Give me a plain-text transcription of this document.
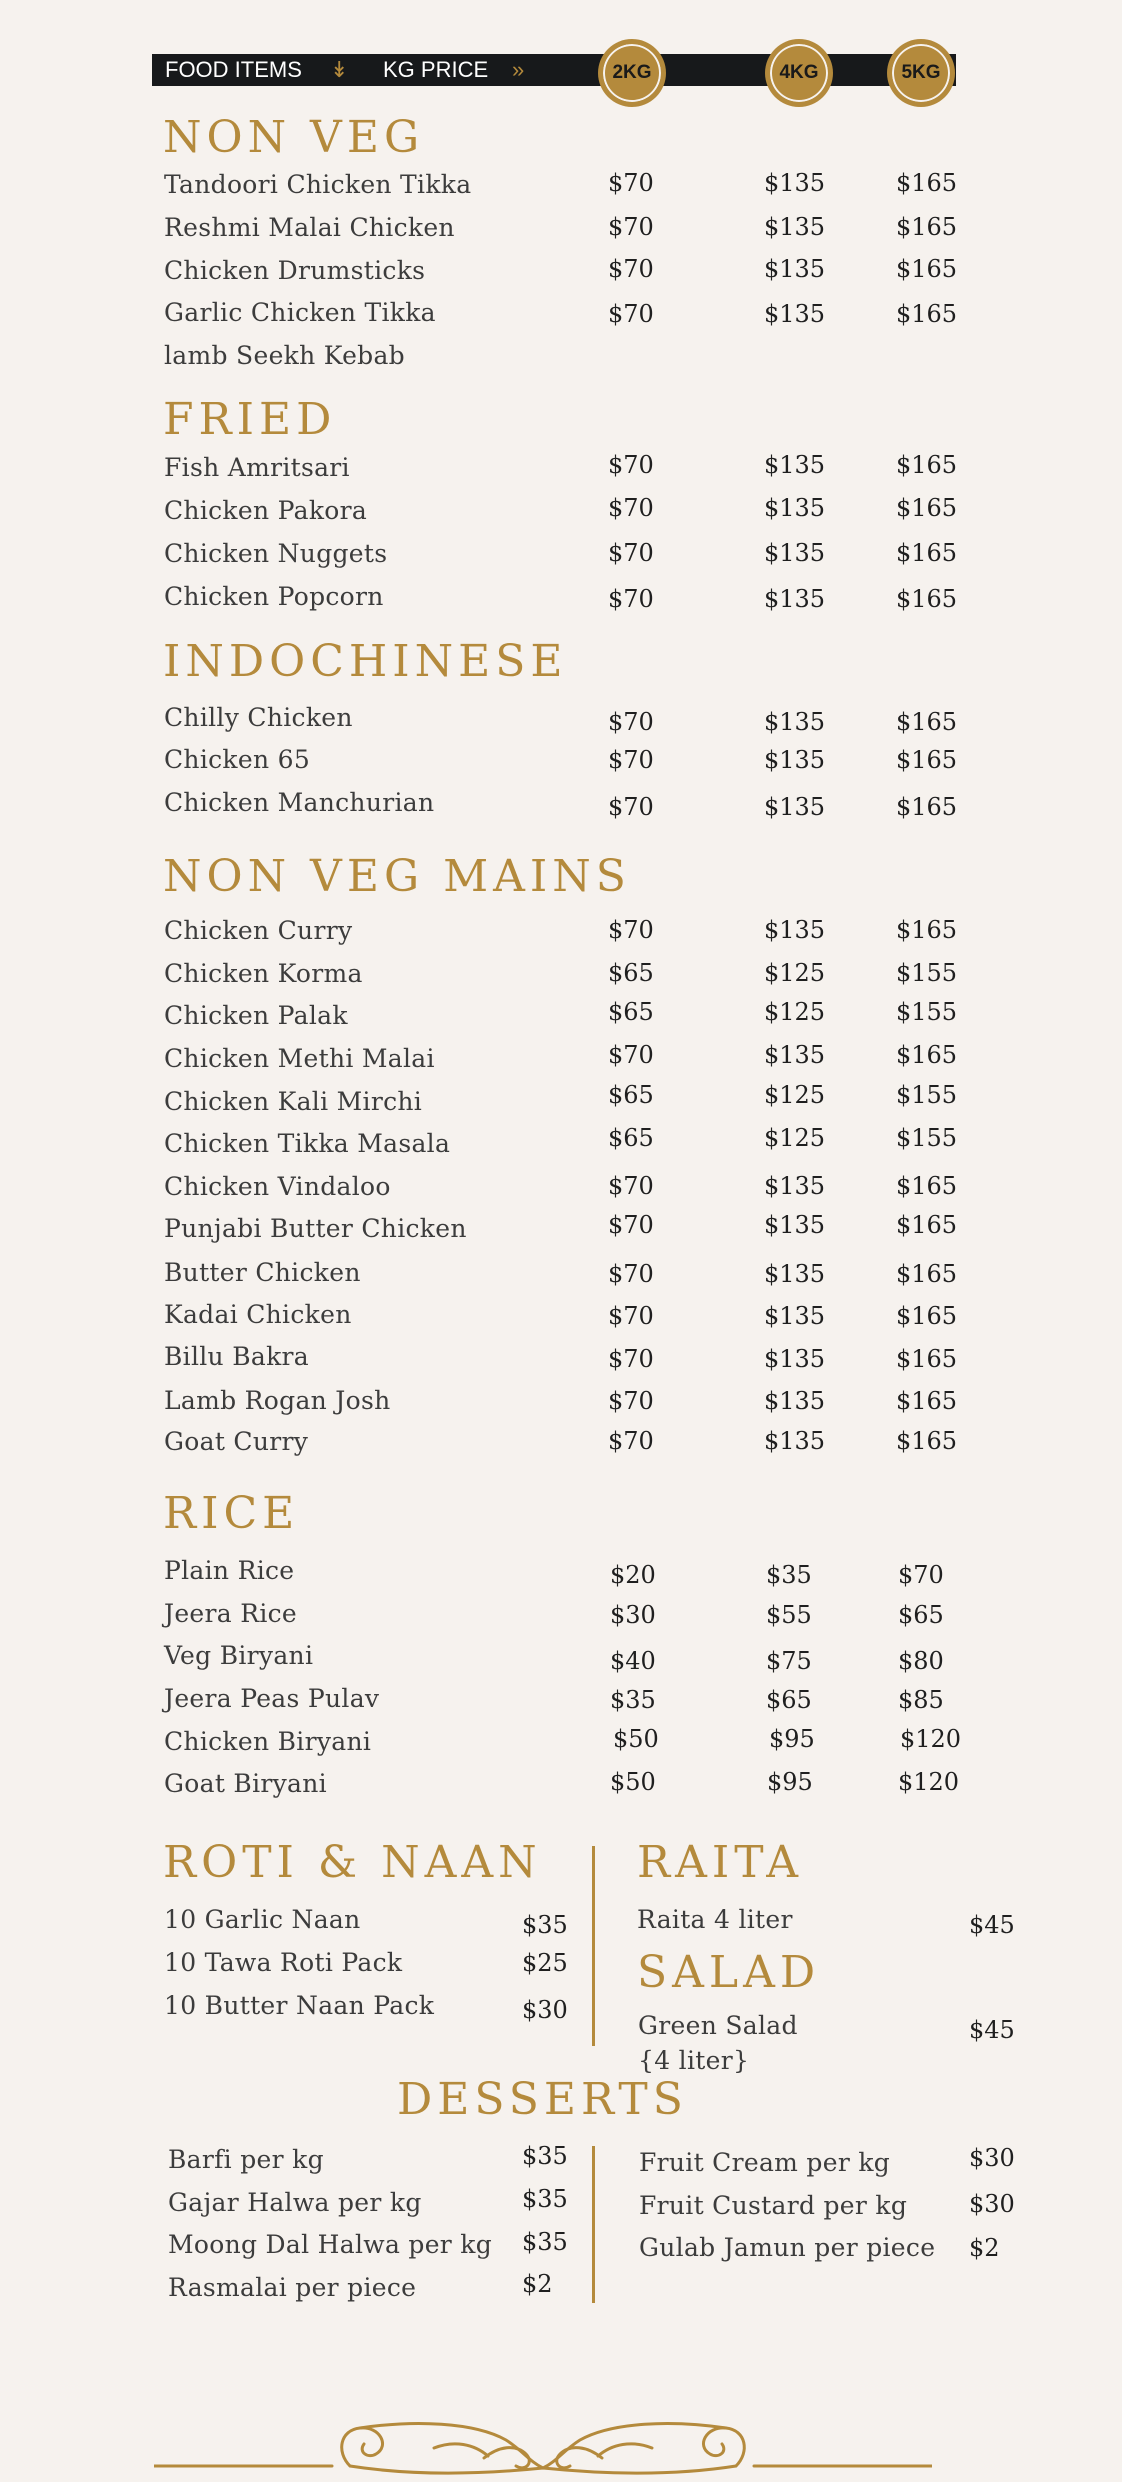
FOOD ITEMS ↡ KG PRICE »	2KG	4KG	5KG
NON VEG
Tandoori Chicken Tikka	$70	$135	$165
Reshmi Malai Chicken	$70	$135	$165
Chicken Drumsticks	$70	$135	$165
Garlic Chicken Tikka	$70	$135	$165
lamb Seekh Kebab
FRIED
Fish Amritsari	$70	$135	$165
Chicken Pakora	$70	$135	$165
Chicken Nuggets	$70	$135	$165
Chicken Popcorn	$70	$135	$165
INDOCHINESE
Chilly Chicken	$70	$135	$165
Chicken 65	$70	$135	$165
Chicken Manchurian	$70	$135	$165
NON VEG MAINS
Chicken Curry	$70	$135	$165
Chicken Korma	$65	$125	$155
Chicken Palak	$65	$125	$155
Chicken Methi Malai	$70	$135	$165
Chicken Kali Mirchi	$65	$125	$155
Chicken Tikka Masala	$65	$125	$155
Chicken Vindaloo	$70	$135	$165
Punjabi Butter Chicken	$70	$135	$165
Butter Chicken	$70	$135	$165
Kadai Chicken	$70	$135	$165
Billu Bakra	$70	$135	$165
Lamb Rogan Josh	$70	$135	$165
Goat Curry	$70	$135	$165
RICE
Plain Rice	$20	$35	$70
Jeera Rice	$30	$55	$65
Veg Biryani	$40	$75	$80
Jeera Peas Pulav	$35	$65	$85
Chicken Biryani	$50	$95	$120
Goat Biryani	$50	$95	$120
ROTI & NAAN
10 Garlic Naan	$35
10 Tawa Roti Pack	$25
10 Butter Naan Pack	$30
RAITA
Raita 4 liter	$45
SALAD
Green Salad
{4 liter}
$45
DESSERTS
Barfi per kg	$35
Gajar Halwa per kg	$35
Moong Dal Halwa per kg $35
Rasmalai per piece	$2
Fruit Cream per kg	$30
Fruit Custard per kg	$30
Gulab Jamun per piece $2
